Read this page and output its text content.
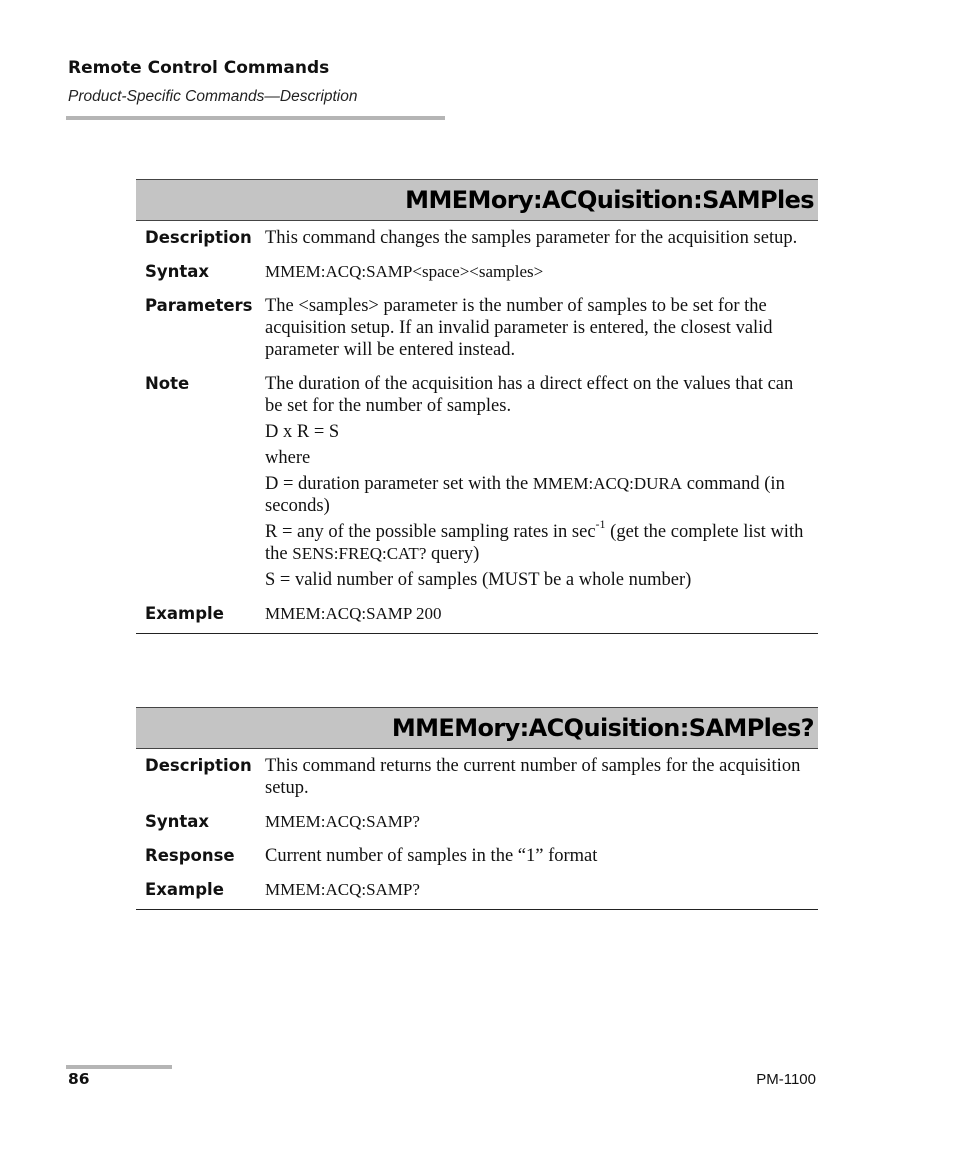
Remote Control Commands
Product-Specific Commands—Description
MMEMory:ACQuisition:SAMPles
Description This command changes the samples parameter for the acquisition setup.
Syntax	MMEM:ACQ:SAMP<space><samples>
Parameters The <samples> parameter is the number of samples to be set for the acquisition setup. If an invalid parameter is entered, the closest valid parameter will be entered instead.
Note	The duration of the acquisition has a direct effect on the values that can be set for the number of samples.

D x R = S

where

D = duration parameter set with the MMEM:ACQ:DURA command (in seconds)

R = any of the possible sampling rates in $\sec^{-1} (get$ the complete list with the SENS:FREQ:CAT? query)

S = valid number of samples (MUST be a whole number)

Example	MMEM:ACQ:SAMP 200
MMEMory:ACQuisition:SAMPles?
Description This command returns the current number of samples for the acquisition setup.
Syntax	MMEM:ACQ:SAMP?
Response	Current number of samples in the “1” format
Example	MMEM:ACQ:SAMP?
86	PM-1100
